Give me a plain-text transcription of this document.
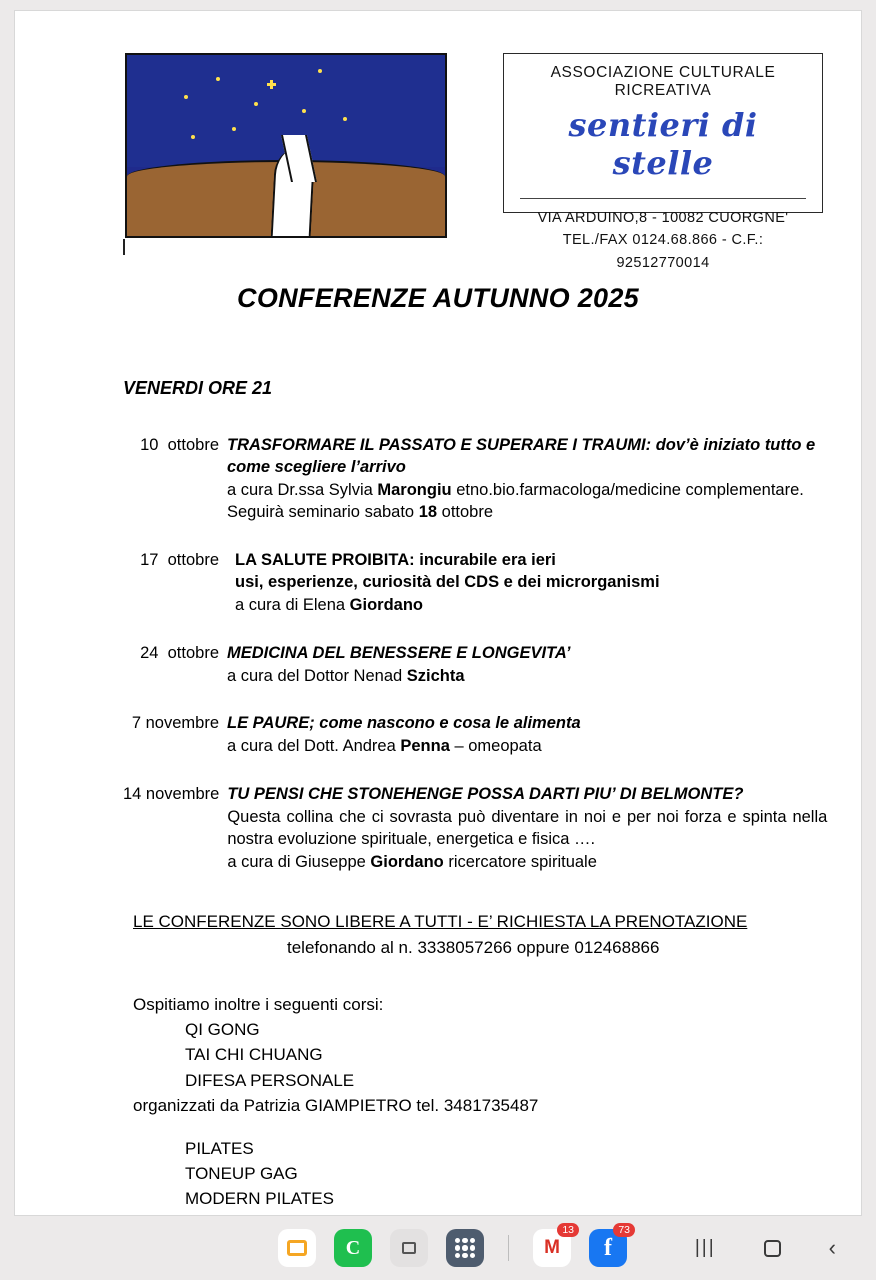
ASSOCIAZIONE CULTURALE RICREATIVA
sentieri di stelle
VIA ARDUINO,8 - 10082 CUORGNE'
TEL./FAX 0124.68.866 - C.F.: 92512770014
CONFERENZE AUTUNNO 2025
VENERDI ORE 21
10  ottobre TRASFORMARE IL PASSATO E SUPERARE I TRAUMI: dov’è iniziato tutto e come scegliere l’arrivo
a cura Dr.ssa Sylvia Marongiu etno.bio.farmacologa/medicine complementare. Seguirà seminario sabato 18 ottobre
17  ottobre LA SALUTE PROIBITA: incurabile era ieri
usi, esperienze, curiosità del CDS e dei microrganismi
a cura di Elena Giordano
24  ottobre MEDICINA DEL BENESSERE E LONGEVITA’
a cura del Dottor Nenad Szichta
7 novembre LE PAURE; come nascono e cosa le alimenta
a cura del Dott. Andrea Penna – omeopata
14 novembre TU PENSI CHE STONEHENGE POSSA DARTI PIU’ DI BELMONTE?
Questa collina che ci sovrasta può diventare in noi e per noi forza e spinta nella nostra evoluzione spirituale, energetica e fisica ….
a cura di Giuseppe Giordano ricercatore spirituale
LE CONFERENZE SONO LIBERE A TUTTI - E’ RICHIESTA LA PRENOTAZIONE
telefonando al n. 3338057266 oppure 012468866
Ospitiamo inoltre i seguenti corsi:
QI GONG
TAI CHI CHUANG
DIFESA PERSONALE
organizzati da Patrizia GIAMPIETRO tel. 3481735487
PILATES
TONEUP GAG
MODERN PILATES
C	M
13
f
73
|||	‹
